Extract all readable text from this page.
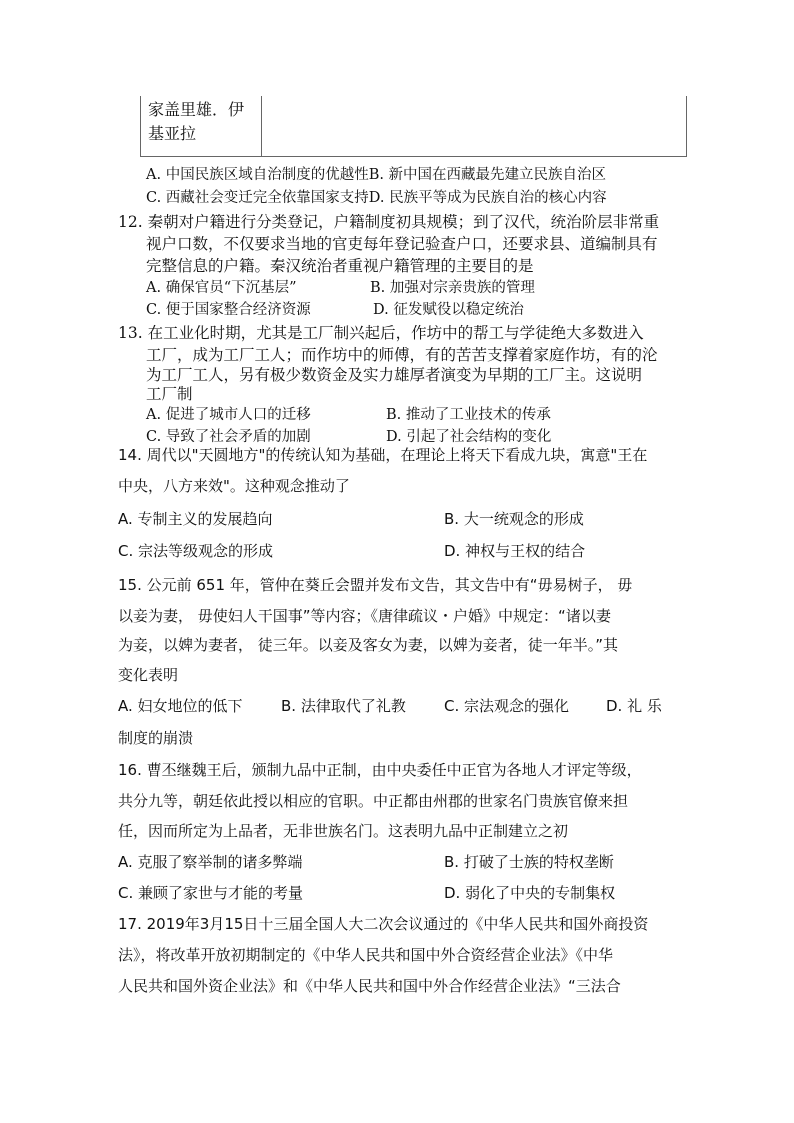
家盖里雄．伊
基亚拉
A. 中国民族区域自治制度的优越性B. 新中国在西藏最先建立民族自治区
C. 西藏社会变迁完全依靠国家支持D. 民族平等成为民族自治的核心内容
12. 秦朝对户籍进行分类登记，户籍制度初具规模；到了汉代，统治阶层非常重
视户口数，不仅要求当地的官吏每年登记验查户口，还要求县、道编制具有
完整信息的户籍。秦汉统治者重视户籍管理的主要目的是
A. 确保官员“下沉基层”	B. 加强对宗亲贵族的管理
C. 便于国家整合经济资源	D. 征发赋役以稳定统治
13. 在工业化时期，尤其是工厂制兴起后，作坊中的帮工与学徒绝大多数进入
工厂，成为工厂工人；而作坊中的师傅，有的苦苦支撑着家庭作坊，有的沦
为工厂工人，另有极少数资金及实力雄厚者演变为早期的工厂主。这说明
工厂制
A. 促进了城市人口的迁移	B. 推动了工业技术的传承
C. 导致了社会矛盾的加剧	D. 引起了社会结构的变化
14. 周代以"天圆地方"的传统认知为基础，在理论上将天下看成九块，寓意"王在
中央，八方来效"。这种观念推动了
A. 专制主义的发展趋向	B. 大一统观念的形成
C. 宗法等级观念的形成	D. 神权与王权的结合
15. 公元前 651 年，管仲在葵丘会盟并发布文告，其文告中有“毋易树子， 毋
以妾为妻， 毋使妇人干国事”等内容；《唐律疏议・户婚》中规定：“诸以妻
为妾，以婢为妻者， 徒三年。以妾及客女为妻，以婢为妾者，徒一年半。”其
变化表明
A. 妇女地位的低下	B. 法律取代了礼教	C. 宗法观念的强化 D. 礼 乐
制度的崩溃
16. 曹丕继魏王后，颁制九品中正制，由中央委任中正官为各地人才评定等级，
共分九等，朝廷依此授以相应的官职。中正都由州郡的世家名门贵族官僚来担
任，因而所定为上品者，无非世族名门。这表明九品中正制建立之初
A. 克服了察举制的诸多弊端	B. 打破了士族的特权垄断
C. 兼顾了家世与才能的考量	D. 弱化了中央的专制集权
17. 2019年3月15日十三届全国人大二次会议通过的《中华人民共和国外商投资
法》，将改革开放初期制定的《中华人民共和国中外合资经营企业法》《中华
人民共和国外资企业法》和《中华人民共和国中外合作经营企业法》“三法合
